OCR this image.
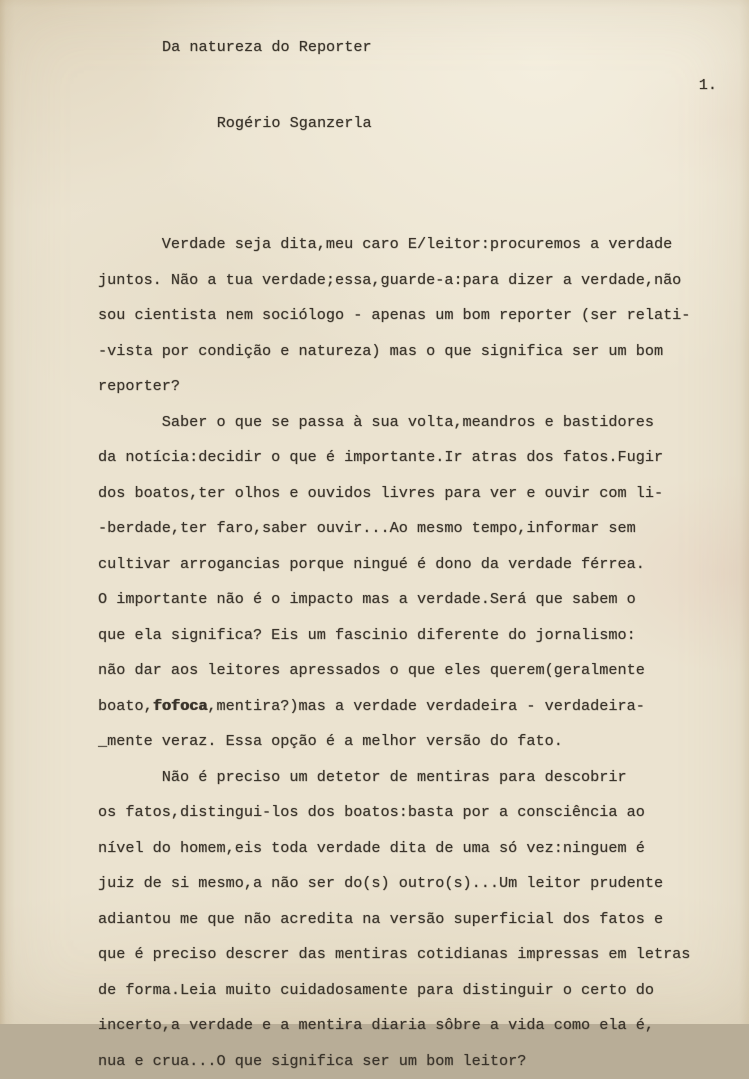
Da natureza do Reporter

Rogério Sganzerla

1.

Verdade seja dita,meu caro E/leitor:procuremos a verdade
juntos. Não a tua verdade;essa,guarde-a:para dizer a verdade,não
sou cientista nem sociólogo - apenas um bom reporter (ser relati-
-vista por condição e natureza) mas o que significa ser um bom
reporter?
Saber o que se passa à sua volta,meandros e bastidores
da notícia:decidir o que é importante.Ir atras dos fatos.Fugir
dos boatos,ter olhos e ouvidos livres para ver e ouvir com li-
-berdade,ter faro,saber ouvir...Ao mesmo tempo,informar sem
cultivar arrogancias porque ningué é dono da verdade férrea.
O importante não é o impacto mas a verdade.Será que sabem o
que ela significa? Eis um fascinio diferente do jornalismo:
não dar aos leitores apressados o que eles querem(geralmente
boato,fofoca,mentira?)mas a verdade verdadeira - verdadeira-
_mente veraz. Essa opção é a melhor versão do fato.
Não é preciso um detetor de mentiras para descobrir
os fatos,distingui-los dos boatos:basta por a consciência ao
nível do homem,eis toda verdade dita de uma só vez:ninguem é
juiz de si mesmo,a não ser do(s) outro(s)...Um leitor prudente
adiantou me que não acredita na versão superficial dos fatos e
que é preciso descrer das mentiras cotidianas impressas em letras
de forma.Leia muito cuidadosamente para distinguir o certo do
incerto,a verdade e a mentira diaria sôbre a vida como ela é,
nua e crua...O que significa ser um bom leitor?
